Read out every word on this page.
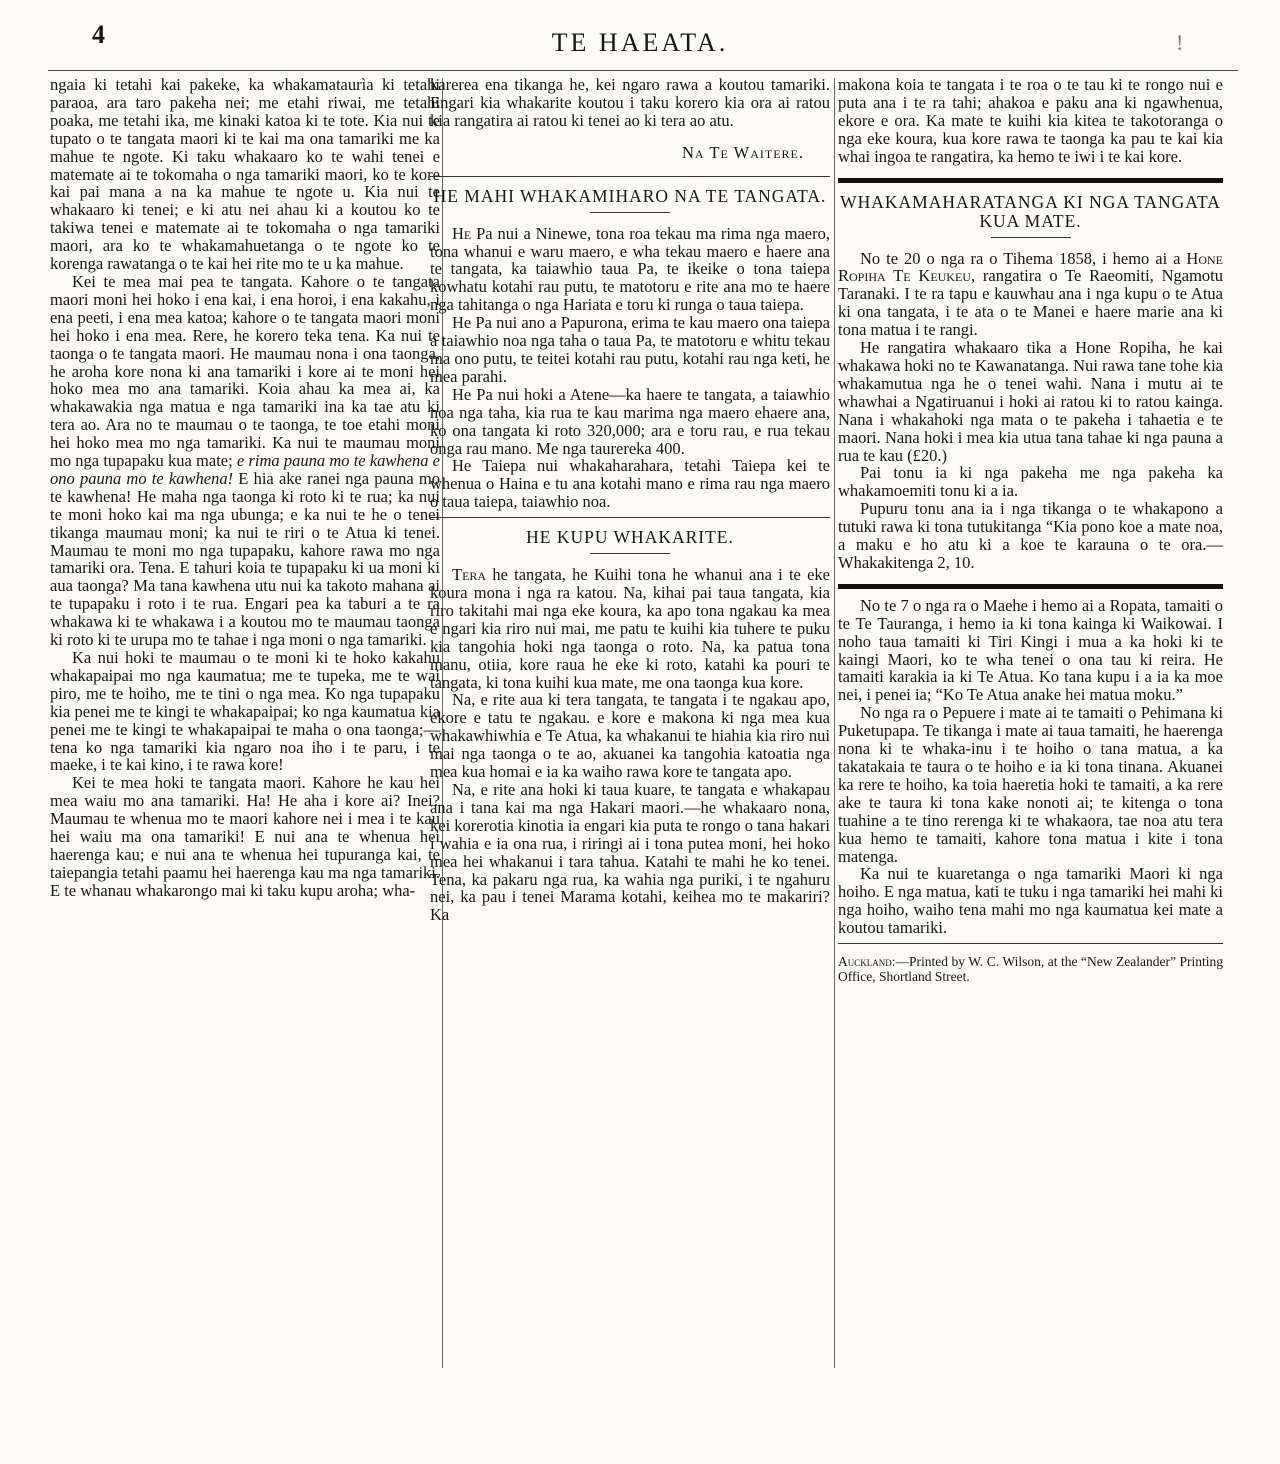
4	TE HAEATA.	!

ngaia ki tetahi kai pakeke, ka whakamataurìa ki tetahi paraoa, ara taro pakeha nei; me etahi riwai, me tetahi poaka, me tetahi ika, me kinaki katoa ki te tote. Kia nui te tupato o te tangata maori ki te kai ma ona tamariki me ka mahue te ngote. Ki taku whakaaro ko te wahi tenei e matemate ai te tokomaha o nga tamariki maori, ko te kore kai pai mana a na ka mahue te ngote u. Kia nui te whakaaro ki tenei; e ki atu nei ahau ki a koutou ko te takiwa tenei e matemate ai te tokomaha o nga tamariki maori, ara ko te whakamahuetanga o te ngote ko te korenga rawatanga o te kai hei rite mo te u ka mahue.

Kei te mea mai pea te tangata. Kahore o te tangata maori moni hei hoko i ena kai, i ena horoi, i ena kakahu, i ena peeti, i ena mea katoa; kahore o te tangata maori moni hei hoko i ena mea. Rere, he korero teka tena. Ka nui te taonga o te tangata maori. He maumau nona i ona taonga, he aroha kore nona ki ana tamariki i kore ai te moni hei hoko mea mo ana tamariki. Koia ahau ka mea ai, ka whakawakia nga matua e nga tamariki ina ka tae atu ki tera ao. Ara no te maumau o te taonga, te toe etahi moni hei hoko mea mo nga tamariki. Ka nui te maumau moni mo nga tupapaku kua mate; e rima pauna mo te kawhena e ono pauna mo te kawhena! E hia ake ranei nga pauna mo te kawhena! He maha nga taonga ki roto ki te rua; ka nui te moni hoko kai ma nga ubunga; e ka nui te he o tenei tikanga maumau moni; ka nui te riri o te Atua ki tenei. Maumau te moni mo nga tupapaku, kahore rawa mo nga tamariki ora. Tena. E tahuri koia te tupapaku ki ua moni ki aua taonga? Ma tana kawhena utu nui ka takoto mahana ai te tupapaku i roto i te rua. Engari pea ka taburi a te ra whakawa ki te whakawa i a koutou mo te maumau taonga ki roto ki te urupa mo te tahae i nga moni o nga tamariki.

Ka nui hoki te maumau o te moni ki te hoko kakahu whakapaipai mo nga kaumatua; me te tupeka, me te wai piro, me te hoiho, me te tini o nga mea. Ko nga tupapaku kia penei me te kingi te whakapaipai; ko nga kaumatua kia penei me te kingi te whakapaipai te maha o ona taonga;—tena ko nga tamariki kia ngaro noa iho i te paru, i te maeke, i te kai kino, i te rawa kore!

Kei te mea hoki te tangata maori. Kahore he kau hei mea waiu mo ana tamariki. Ha! He aha i kore ai? Inei? Maumau te whenua mo te maori kahore nei i mea i te kau hei waiu ma ona tamariki! E nui ana te whenua hei haerenga kau; e nui ana te whenua hei tupuranga kai, te taiepangia tetahi paamu hei haerenga kau ma nga tamariki. E te whanau whakarongo mai ki taku kupu aroha; wha-

karerea ena tikanga he, kei ngaro rawa a koutou tamariki. Engari kia whakarite koutou i taku korero kia ora ai ratou kia rangatira ai ratou ki tenei ao ki tera ao atu.

Na Te Waitere.

HE MAHI WHAKAMIHARO NA TE TANGATA.

He Pa nui a Ninewe, tona roa tekau ma rima nga maero, tona whanui e waru maero, e wha tekau maero e haere ana te tangata, ka taiawhio taua Pa, te ikeike o tona taiepa kowhatu kotahi rau putu, te matotoru e rite ana mo te haere nga tahitanga o nga Hariata e toru ki runga o taua taiepa.

He Pa nui ano a Papurona, erima te kau maero ona taiepa a taiawhio noa nga taha o taua Pa, te matotoru e whitu tekau ma ono putu, te teitei kotahi rau putu, kotahi rau nga keti, he mea parahi.

He Pa nui hoki a Atene—ka haere te tangata, a taiawhio noa nga taha, kia rua te kau marima nga maero ehaere ana, ko ona tangata ki roto 320,000; ara e toru rau, e rua tekau onga rau mano. Me nga taurereka 400.

He Taiepa nui whakaharahara, tetahi Taiepa kei te whenua o Haina e tu ana kotahi mano e rima rau nga maero o taua taiepa, taiawhio noa.

HE KUPU WHAKARITE.

Tera he tangata, he Kuihi tona he whanui ana i te eke koura mona i nga ra katou. Na, kihai pai taua tangata, kia riro takitahi mai nga eke koura, ka apo tona ngakau ka mea e ngari kia riro nui mai, me patu te kuihi kia tuhere te puku kia tangohia hoki nga taonga o roto. Na, ka patua tona manu, otiia, kore raua he eke ki roto, katahi ka pouri te tangata, ki tona kuihi kua mate, me ona taonga kua kore.

Na, e rite aua ki tera tangata, te tangata i te ngakau apo, ekore e tatu te ngakau. e kore e makona ki nga mea kua whakawhiwhia e Te Atua, ka whakanui te hiahia kia riro nui mai nga taonga o te ao, akuanei ka tangohia katoatia nga mea kua homai e ia ka waiho rawa kore te tangata apo.

Na, e rite ana hoki ki taua kuare, te tangata e whakapau ana i tana kai ma nga Hakari maori.—he whakaaro nona, kei korerotia kinotia ia engari kia puta te rongo o tana hakari i wahia e ia ona rua, i riringi ai i tona putea moni, hei hoko mea hei whakanui i tara tahua. Katahi te mahi he ko tenei. Tena, ka pakaru nga rua, ka wahia nga puriki, i te ngahuru nei, ka pau i tenei Marama kotahi, keihea mo te makariri? Ka

makona koia te tangata i te roa o te tau ki te rongo nui e puta ana i te ra tahi; ahakoa e paku ana ki ngawhenua, ekore e ora. Ka mate te kuihi kia kitea te takotoranga o nga eke koura, kua kore rawa te taonga ka pau te kai kia whai ingoa te rangatira, ka hemo te iwi i te kai kore.

WHAKAMAHARATANGA KI NGA TANGATA KUA MATE.

No te 20 o nga ra o Tihema 1858, i hemo ai a Hone Ropiha Te Keukeu, rangatira o Te Raeomiti, Ngamotu Taranaki. I te ra tapu e kauwhau ana i nga kupu o te Atua ki ona tangata, i te ata o te Manei e haere marie ana ki tona matua i te rangi.

He rangatira whakaaro tika a Hone Ropiha, he kai whakawa hoki no te Kawanatanga. Nui rawa tane tohe kia whakamutua nga he o tenei wahi. Nana i mutu ai te whawhai a Ngatiruanui i hoki ai ratou ki to ratou kainga. Nana i whakahoki nga mata o te pakeha i tahaetia e te maori. Nana hoki i mea kia utua tana tahae ki nga pauna a rua te kau (£20.)

Pai tonu ia ki nga pakeha me nga pakeha ka whakamoemiti tonu ki a ia.

Pupuru tonu ana ia i nga tikanga o te whakapono a tutuki rawa ki tona tutukitanga “Kia pono koe a mate noa, a maku e ho atu ki a koe te karauna o te ora.—Whakakitenga 2, 10.

No te 7 o nga ra o Maehe i hemo ai a Ropata, tamaiti o te Te Tauranga, i hemo ia ki tona kainga ki Waikowai. I noho taua tamaiti ki Tiri Kingi i mua a ka hoki ki te kaingi Maori, ko te wha tenei o ona tau ki reira. He tamaiti karakia ia ki Te Atua. Ko tana kupu i a ia ka moe nei, i penei ia; “Ko Te Atua anake hei matua moku.”

No nga ra o Pepuere i mate ai te tamaiti o Pehimana ki Puketupapa. Te tikanga i mate ai taua tamaiti, he haerenga nona ki te whaka-inu i te hoiho o tana matua, a ka takatakaia te taura o te hoiho e ia ki tona tinana. Akuanei ka rere te hoiho, ka toia haeretia hoki te tamaiti, a ka rere ake te taura ki tona kake nonoti ai; te kitenga o tona tuahine a te tino rerenga ki te whakaora, tae noa atu tera kua hemo te tamaiti, kahore tona matua i kite i tona matenga.

Ka nui te kuaretanga o nga tamariki Maori ki nga hoiho. E nga matua, kati te tuku i nga tamariki hei mahi ki nga hoiho, waiho tena mahi mo nga kaumatua kei mate a koutou tamariki.

Auckland:—Printed by W. C. Wilson, at the “New Zealander” Printing Office, Shortland Street.
